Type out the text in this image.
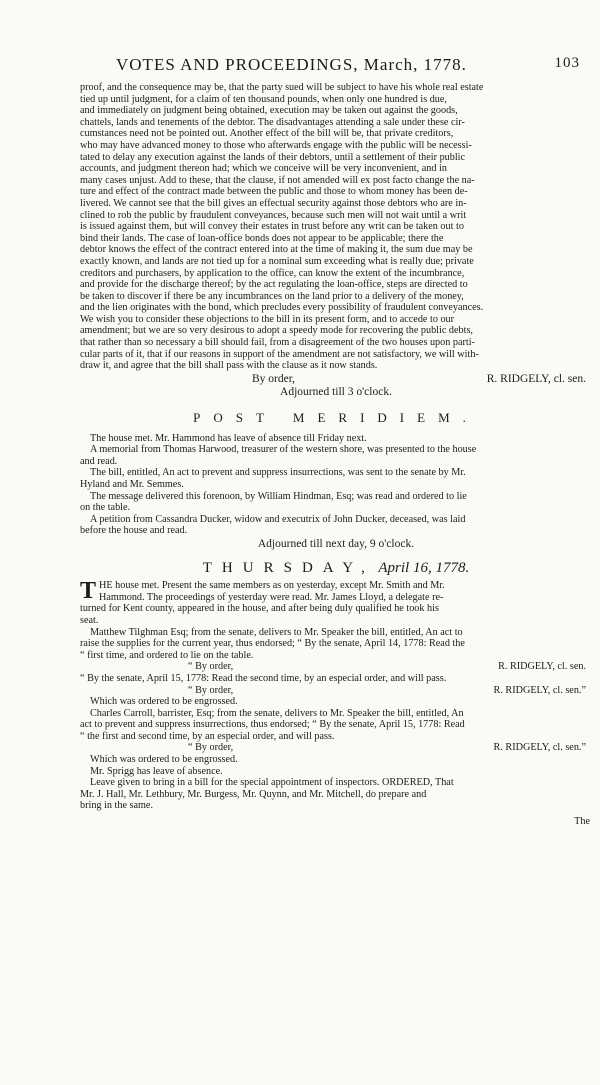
VOTES AND PROCEEDINGS, March, 1778.	103

proof, and the consequence may be, that the party sued will be subject to have his whole real estate

tied up until judgment, for a claim of ten thousand pounds, when only one hundred is due,

and immediately on judgment being obtained, execution may be taken out against the goods,

chattels, lands and tenements of the debtor. The disadvantages attending a sale under these cir-

cumstances need not be pointed out. Another effect of the bill will be, that private creditors,

who may have advanced money to those who afterwards engage with the public will be necessi-

tated to delay any execution against the lands of their debtors, until a settlement of their public

accounts, and judgment thereon had; which we conceive will be very inconvenient, and in

many cases unjust. Add to these, that the clause, if not amended will ex post facto change the na-

ture and effect of the contract made between the public and those to whom money has been de-

livered. We cannot see that the bill gives an effectual security against those debtors who are in-

clined to rob the public by fraudulent conveyances, because such men will not wait until a writ

is issued against them, but will convey their estates in trust before any writ can be taken out to

bind their lands. The case of loan-office bonds does not appear to be applicable; there the

debtor knows the effect of the contract entered into at the time of making it, the sum due may be

exactly known, and lands are not tied up for a nominal sum exceeding what is really due; private

creditors and purchasers, by application to the office, can know the extent of the incumbrance,

and provide for the discharge thereof; by the act regulating the loan-office, steps are directed to

be taken to discover if there be any incumbrances on the land prior to a delivery of the money,

and the lien originates with the bond, which precludes every possibility of fraudulent conveyances.

We wish you to consider these objections to the bill in its present form, and to accede to our

amendment; but we are so very desirous to adopt a speedy mode for recovering the public debts,

that rather than so necessary a bill should fail, from a disagreement of the two houses upon parti-

cular parts of it, that if our reasons in support of the amendment are not satisfactory, we will with-

draw it, and agree that the bill shall pass with the clause as it now stands.

By order,	R. RIDGELY, cl. sen.
Adjourned till 3 o'clock.
POST MERIDIEM.

The house met. Mr. Hammond has leave of absence till Friday next.

A memorial from Thomas Harwood, treasurer of the western shore, was presented to the house

and read.

The bill, entitled, An act to prevent and suppress insurrections, was sent to the senate by Mr.

Hyland and Mr. Semmes.

The message delivered this forenoon, by William Hindman, Esq; was read and ordered to lie

on the table.

A petition from Cassandra Ducker, widow and executrix of John Ducker, deceased, was laid

before the house and read.

Adjourned till next day, 9 o'clock.
THURSDAY, April 16, 1778.

THE house met. Present the same members as on yesterday, except Mr. Smith and Mr.

Hammond. The proceedings of yesterday were read. Mr. James Lloyd, a delegate re-

turned for Kent county, appeared in the house, and after being duly qualified he took his

seat.

Matthew Tilghman Esq; from the senate, delivers to Mr. Speaker the bill, entitled, An act to

raise the supplies for the current year, thus endorsed; “ By the senate, April 14, 1778: Read the

“ first time, and ordered to lie on the table.

“ By order,	R. RIDGELY, cl. sen.

“ By the senate, April 15, 1778: Read the second time, by an especial order, and will pass.

“ By order,	R. RIDGELY, cl. sen.”

Which was ordered to be engrossed.

Charles Carroll, barrister, Esq; from the senate, delivers to Mr. Speaker the bill, entitled, An

act to prevent and suppress insurrections, thus endorsed; “ By the senate, April 15, 1778: Read

“ the first and second time, by an especial order, and will pass.

“ By order,	R. RIDGELY, cl. sen.”

Which was ordered to be engrossed.

Mr. Sprigg has leave of absence.

Leave given to bring in a bill for the special appointment of inspectors. ORDERED, That

Mr. J. Hall, Mr. Lethbury, Mr. Burgess, Mr. Quynn, and Mr. Mitchell, do prepare and

bring in the same.

The
